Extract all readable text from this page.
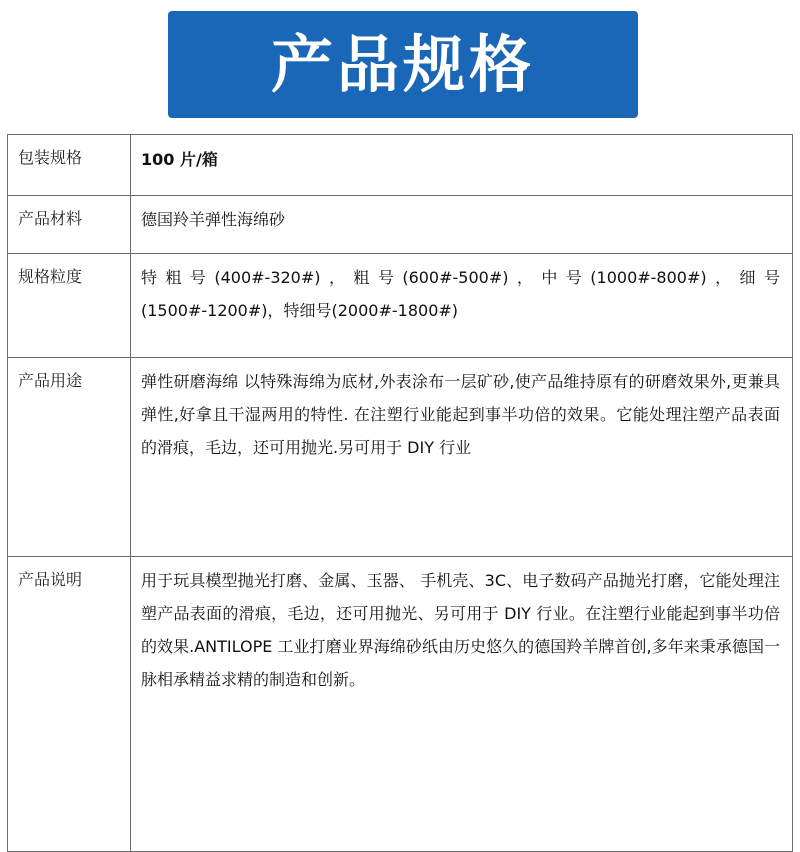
产品规格
包装规格	100 片/箱
产品材料	德国羚羊弹性海绵砂
规格粒度	特粗号(400#-320#)，粗号(600#-500#)，中号(1000#-800#)，细号(1500#-1200#)，特细号(2000#-1800#)
产品用途	弹性研磨海绵 以特殊海绵为底材,外表涂布一层矿砂,使产品维持原有的研磨效果外,更兼具弹性,好拿且干湿两用的特性. 在注塑行业能起到事半功倍的效果。它能处理注塑产品表面的滑痕，毛边，还可用抛光.另可用于 DIY 行业
产品说明	用于玩具模型抛光打磨、金属、玉器、 手机壳、3C、电子数码产品抛光打磨，它能处理注塑产品表面的滑痕，毛边，还可用抛光、另可用于 DIY 行业。在注塑行业能起到事半功倍的效果.ANTILOPE 工业打磨业界海绵砂纸由历史悠久的德国羚羊牌首创,多年来秉承德国一脉相承精益求精的制造和创新。
